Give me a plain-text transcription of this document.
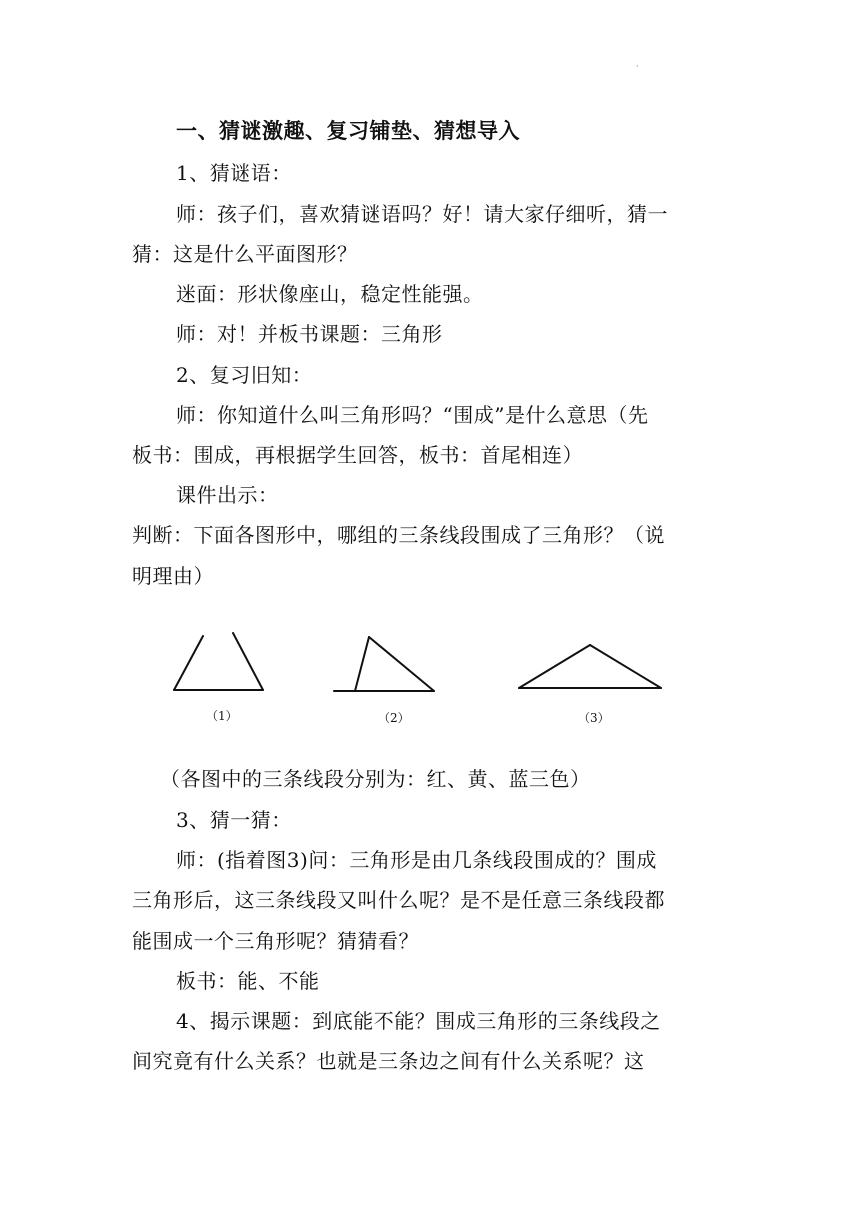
·
一、猜谜激趣、复习铺垫、猜想导入
1、猜谜语：
师：孩子们，喜欢猜谜语吗？好！请大家仔细听，猜一
猜：这是什么平面图形？
迷面：形状像座山，稳定性能强。
师：对！并板书课题：三角形
2、复习旧知：
师：你知道什么叫三角形吗？“围成”是什么意思（先
板书：围成，再根据学生回答，板书：首尾相连）
课件出示：
判断：下面各图形中，哪组的三条线段围成了三角形？（说
明理由）
（1）	（2）	（3）
（各图中的三条线段分别为：红、黄、蓝三色）
3、猜一猜：
师：(指着图3)问：三角形是由几条线段围成的？围成
三角形后，这三条线段又叫什么呢？是不是任意三条线段都
能围成一个三角形呢？猜猜看？
板书：能、不能
4、揭示课题：到底能不能？围成三角形的三条线段之
间究竟有什么关系？也就是三条边之间有什么关系呢？这
